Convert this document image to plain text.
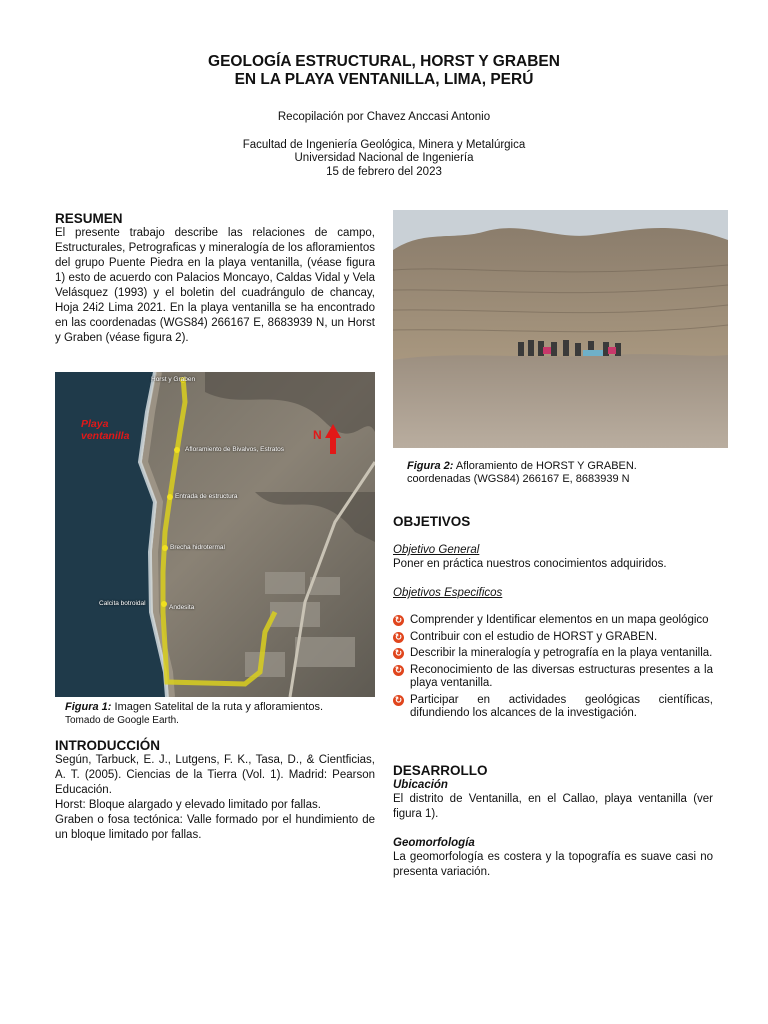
GEOLOGÍA ESTRUCTURAL, HORST Y GRABEN
EN LA PLAYA VENTANILLA, LIMA, PERÚ
Recopilación por Chavez Anccasi Antonio
Facultad de Ingeniería Geológica, Minera y Metalúrgica
Universidad Nacional de Ingeniería
15 de febrero del 2023
RESUMEN
El presente trabajo describe las relaciones de campo, Estructurales, Petrograficas y mineralogía de los afloramientos del grupo Puente Piedra en la playa ventanilla, (véase figura 1) esto de acuerdo con Palacios Moncayo, Caldas Vidal y Vela Velásquez (1993) y el boletin del cuadrángulo de chancay, Hoja 24i2 Lima 2021. En la playa ventanilla se ha encontrado en las coordenadas (WGS84) 266167 E, 8683939 N, un Horst y Graben (véase figura 2).
Playa ventanilla	N
Horst y Graben
Afloramiento de Bivalvos, Estratos
Entrada de estructura
Brecha hidrotermal
Calcita botroidal
Andesita
Figura 1: Imagen Satelital de la ruta y afloramientos.
Tomado de Google Earth.
INTRODUCCIÓN
Según, Tarbuck, E. J., Lutgens, F. K., Tasa, D., & Cientficias, A. T. (2005). Ciencias de la Tierra (Vol. 1). Madrid: Pearson Educación.
Horst: Bloque alargado y elevado limitado por fallas.
Graben o fosa tectónica: Valle formado por el hundimiento de un bloque limitado por fallas.
Figura 2: Afloramiento de HORST Y GRABEN.
coordenadas (WGS84) 266167 E, 8683939 N
OBJETIVOS
Objetivo General
Poner en práctica nuestros conocimientos adquiridos.
Objetivos Especificos
↻ Comprender y Identificar elementos en un mapa geológico
↻ Contribuir con el estudio de HORST y GRABEN.
↻ Describir la mineralogía y petrografía en la playa ventanilla.
↻ Reconocimiento de las diversas estructuras presentes a la playa ventanilla.
↻ Participar en actividades geológicas científicas, difundiendo los alcances de la investigación.
DESARROLLO
Ubicación
El distrito de Ventanilla, en el Callao, playa ventanilla (ver figura 1).
Geomorfología
La geomorfología es costera y la topografía es suave casi no presenta variación.
